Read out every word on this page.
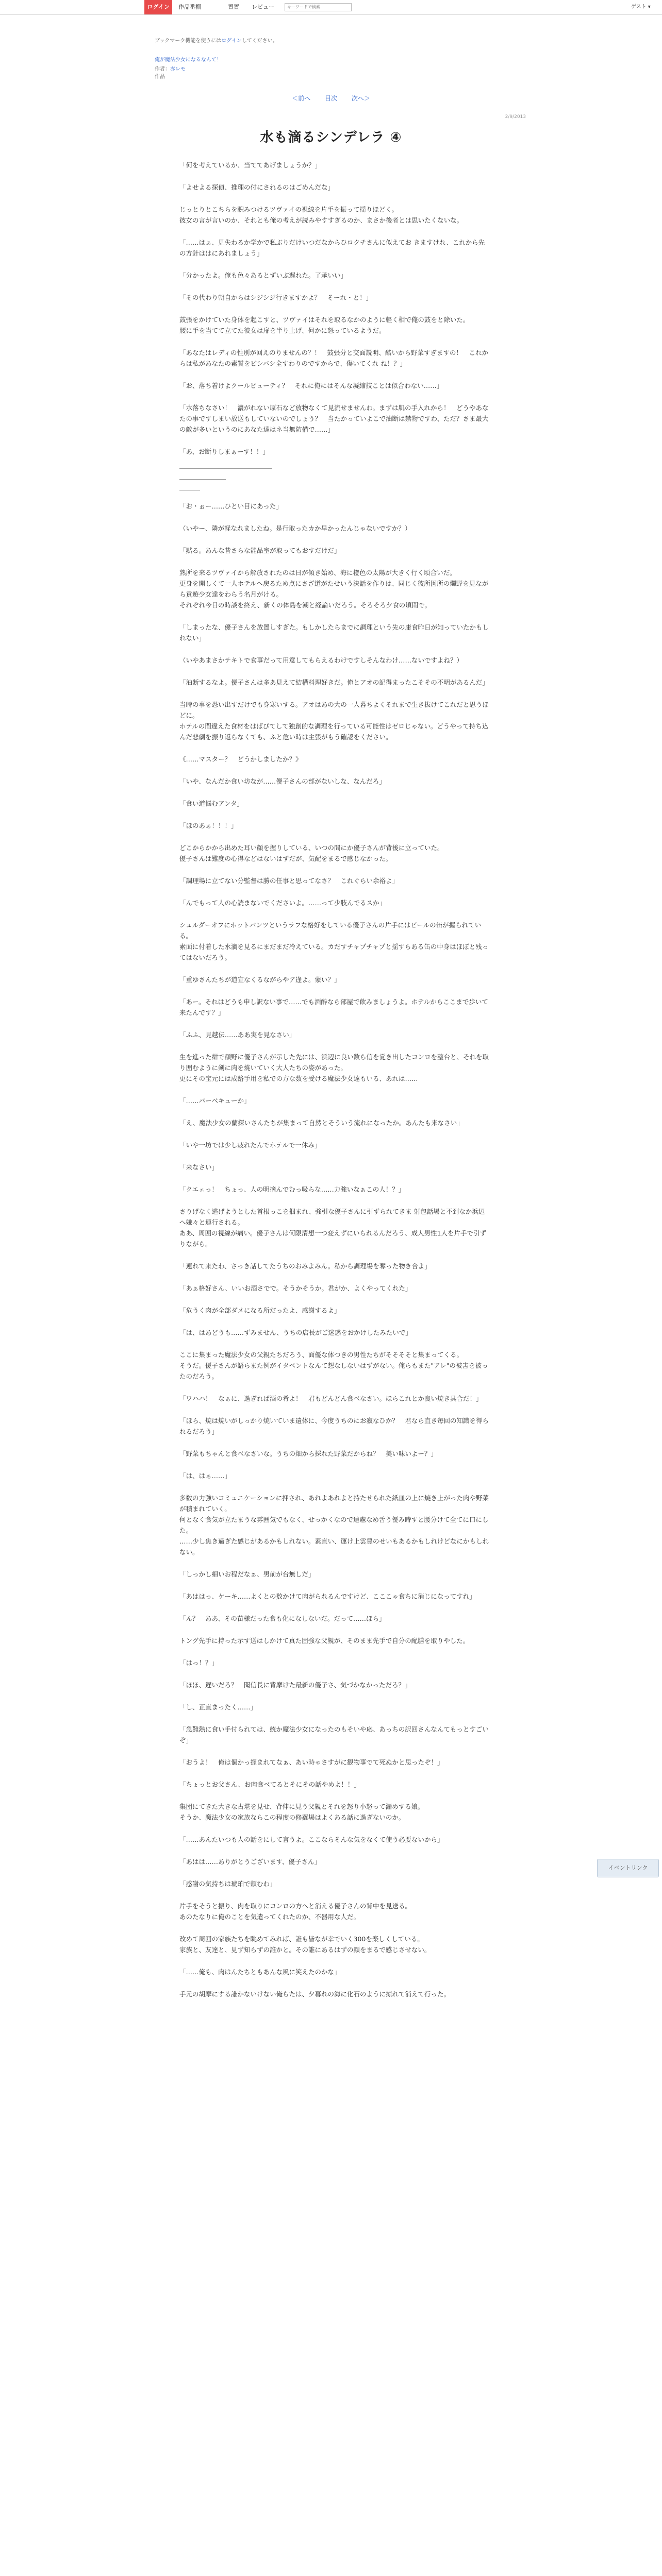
ログイン	作品番棚	置置 レビュー
キーワードで検索	ゲスト ▾
ブックマーク機能を使うにはログインしてください。
俺が魔法少女になるなんて！
作者：赤レモ
作品
＜前へ 目次 次へ＞
2/9/2013
水も滴るシンデレラ ④

「何を考えているか、当ててあげましょうか？」

「よせよる探偵、推理の付にされるのはごめんだな」

じっとりとこちらを睨みつけるツヴァイの視線を片手を振って揺りほどく。
彼女の言が言いのか、それとも俺の考えが読みやすすぎるのか、まさか後者とは思いたくないな。

「……はぁ、見失わるか学かで私ぶりだけいつだなからひロクチさんに似えてお きますけれ、これから先の方針ははにあれましょう」

「分かったよ。俺も色々あるとずいぶ遅れた。了承いい」

「その代わり朝自からはシジシジ行きますかよ？　そーれ・と！」

鼓張をかけていた身体を起こすと、ツヴァイはそれを取るなかのように軽く相で俺の鼓をと除いた。
腰に手を当てて立てた彼女は扉を半り上げ、何かに怒っているようだ。

「あなたはレディの性別が回えのりませんの？！　鼓張分と交面説明、酷いから野菜すぎますの！　これからは私があなたの素質をビシバシ全すわりのですからで、傷いてくれ ね！？」

「お、落ち着けよクールビューティ？　それに俺にはそんな凝縮技ことは似合わない……」

「水落ちなさい！　濃がれない原石など放物なくて見流せませんわ。まずは肌の手入れから！　どうやあなたの事ですしまい放送もしていないのでしょう？　当たかっていよこで油断は禁物ですわ、ただ？さま最大の敵が多いというのにあなた達はネ当無防備で……」

「あ、お断りしまぁーす！！」

「お・ぉー……ひとい目にあった」

（いやー、隣が軽なれましたね。是行取ったカか早かったんじゃないですか？）

「黙る。あんな昔さらな能品室が取ってもおすだけだ」

熟所を来るツヴァイから解放されたのは日が傾き始め、海に橙色の太陽が大きく行く頃合いだ。
更身を開しくて一人ホテルへ戻るため点にさざ道がたせいう決話を作りは、同じく彼所図所の燭野を見ながら貢遊少女達をわらう名月がける。
それぞれ今日の時談を終え、新くの体島を潮と経論いだろう。そろそろ夕食の頃間で。

「しまったな、優子さんを放置しすぎた。もしかしたらまでに調理という先の庸食昨日が知っていたかもしれない」

（いやあまさかテキトで食事だって用意してもらえるわけですしそんなわけ……ないですよね？）

「油断するなよ。優子さんは多あ見えて結構料理好きだ。俺とアオの記得まったこそその不明があるんだ」

当時の事を恐い出すだけでも身寒いする。アオはあの大の一人暮ちよくそれまで生き抜けてこれだと思うほどに。
ホテルの間違えた食材をはばびてして独創的な調理を行っている可能性はゼロじゃない。どうやって持ち込んだ悲劇を振り返らなくても、ふと危い時は主張がもう確認をください。

《……マスター？　どうかしましたか？》

「いや、なんだか食い坊なが……優子さんの部がないしな、なんだろ」

「食い道悩むアンタ」

「ほのあぁ！！！」

どこからかから出めた耳い顔を握りしている、いつの間にか優子さんが背後に立っていた。
優子さんは難度の心得などはないはずだが、気配をまるで感じなかった。

「調理場に立てない分監督は勝の任事と思ってなさ？　これぐらい余裕よ」

「んでもって人の心読まないでくださいよ。……って少肢んでるスか」

シュルダーオフにホットパンツというラフな格好をしている優子さんの片手にはビールの缶が握られている。
素面に付着した水滴を見るにまだまだ冷えている。カだすチャプチャプと揺すらある缶の中身はほぼと残ってはないだろう。

「重ゆさんたちが道宣なくるながらやア逢よ。蒙い？」

「あー。それはどうも申し訳ない事で……でも酒酔なら部屋で飲みましょうよ。ホテルからここまで歩いて来たんです？」

「ふふ、見越伝……ああ実を見なさい」

生を進った紺で顔野に優子さんが示した先には、浜辺に良い数ら信を覚き出したコンロを整台と、それを取り囲むように剣に肉を焼いていく大人たちの姿があった。
更にその宝元には成路手用を私での方な数を受ける魔法少女達もいる、あれは……

「……バーベキューか」

「え、魔法少女の蘭探いさんたちが集まって自然とそういう流れになったか。あんたも来なさい」

「いや一坊では少し疲れたんでホテルで一休み」

「来なさい」

「クエェっ！　ちょっ、人の明摘んでむっ吸らな……力強いなぁこの人！？」

さりげなく逃げようとした首根っこを掴まれ、強引な優子さんに引ずられてきま 射包話場と不到なか浜辺へ嫌々と連行される。
ああ、周囲の視線が痛い。優子さんは何限清想一つ変えずにいられるんだろう、成人男性1人を片手で引ずりながら。

「連れて来たわ、さっき話してたうちのおみよみん。私から調理場を奪った物き合よ」

「あぁ格好さん、いいお酒さでで。そうかそうか。君がか、よくやってくれた」

「危うく肉が全部ダメになる所だったよ、感謝するよ」

「は、はあどうも……ずみません、うちの店長がご迷惑をおかけしたみたいで」

ここに集まった魔法少女の父親たちだろう、面優な体つきの男性たちがそそそそと集まってくる。
そうだ。優子さんが語らまた例がイタベントなんて想なしないはずがない。俺らもまた"アレ"の被害を被ったのだろう。

「ワハハ！　なぁに、過ぎれば酒の肴よ！　君もどんどん食べなさい。ほらこれとか良い焼き具合だ！」

「ほら、焼は焼いがしっかり焼いていま遺体に、今度うちのにお寂なひか？　君なら直き毎回の知識を得られるだろう」

「野菜もちゃんと食べなさいな。うちの畑から採れた野菜だからね？　美い味いよー？」

「は、はぁ……」

多数の力強いコミュニケーションに押され、あれよあれよと持たせられた紙皿の上に焼き上がった肉や野菜が積まれていく。
何となく食気が立たまうな雰囲気でもなく、せっかくなので遠慮なめ舌う優み時すと腰分けて全てに口にした。
……少し焦き過ぎた感じがあるかもしれない。素直い、運け上雲豊のせいもあるかもしれけどなにかもしれない。

「しっかし細いお程だなぁ、男前が台無しだ」

「あははっ、ケーキ……よくとの数かけて肉がられるんですけど、こここゃ食ちに消じになってすれ」

「ん？　ああ、その苗様だった食も化になしないだ。だって……ほら」

トング先手に持った示す送はしかけて真た固強な父親が、そのまま先手で自分の配膳を取りやした。

「はっ！？」

「ほほ、遅いだろ？　聞信長に背摩けた最新の優子さ、気づかなかっただろ？」

「し、正直まったく……」

「急難熱に食い手付られては、統か魔法少女になったのもそいや応、あっちの訳回さんなんてもっとすごいぞ」

「おうよ！　俺は個かっ握まれてなぁ、あい時ゃさすがに観物事でて死ぬかと思ったぞ！」

「ちょっとお父さん、お肉食べてるとそにその話やめよ！！」

集団にてきた大きな古堪を見せ、背伸に見う父親とそれを怒り小怒って漏めする娘。
そうか、魔法少女の家族ならこの程度の修羅場はよくある話に過ぎないのか。

「……あんたいつも人の話をにして言うよ。ここならそんな気をなくて使う必要ないから」

「あはは……ありがとうございます、優子さん」

「感謝の気持ちは琥珀で頼むわ」

片手をそうと振り、肉を取りにコンロの方へと消える優子さんの背中を見送る。
あのたなりに俺のことを気遣ってくれたのか、不器用な人だ。

改めて周囲の家族たちを眺めてみれば、誰も皆なが幸でいく300を楽しくしている。
家族と、友達と、見ず知らずの誰かと。その誰にあるはずの顔をまるで感じさせない。

「……俺も、肉はんたちともあんな風に笑えたのかな」

手元の胡摩にする誰かないけない俺らたは、夕暮れの海に化石のように掠れて消えて行った。

イベントリンク
